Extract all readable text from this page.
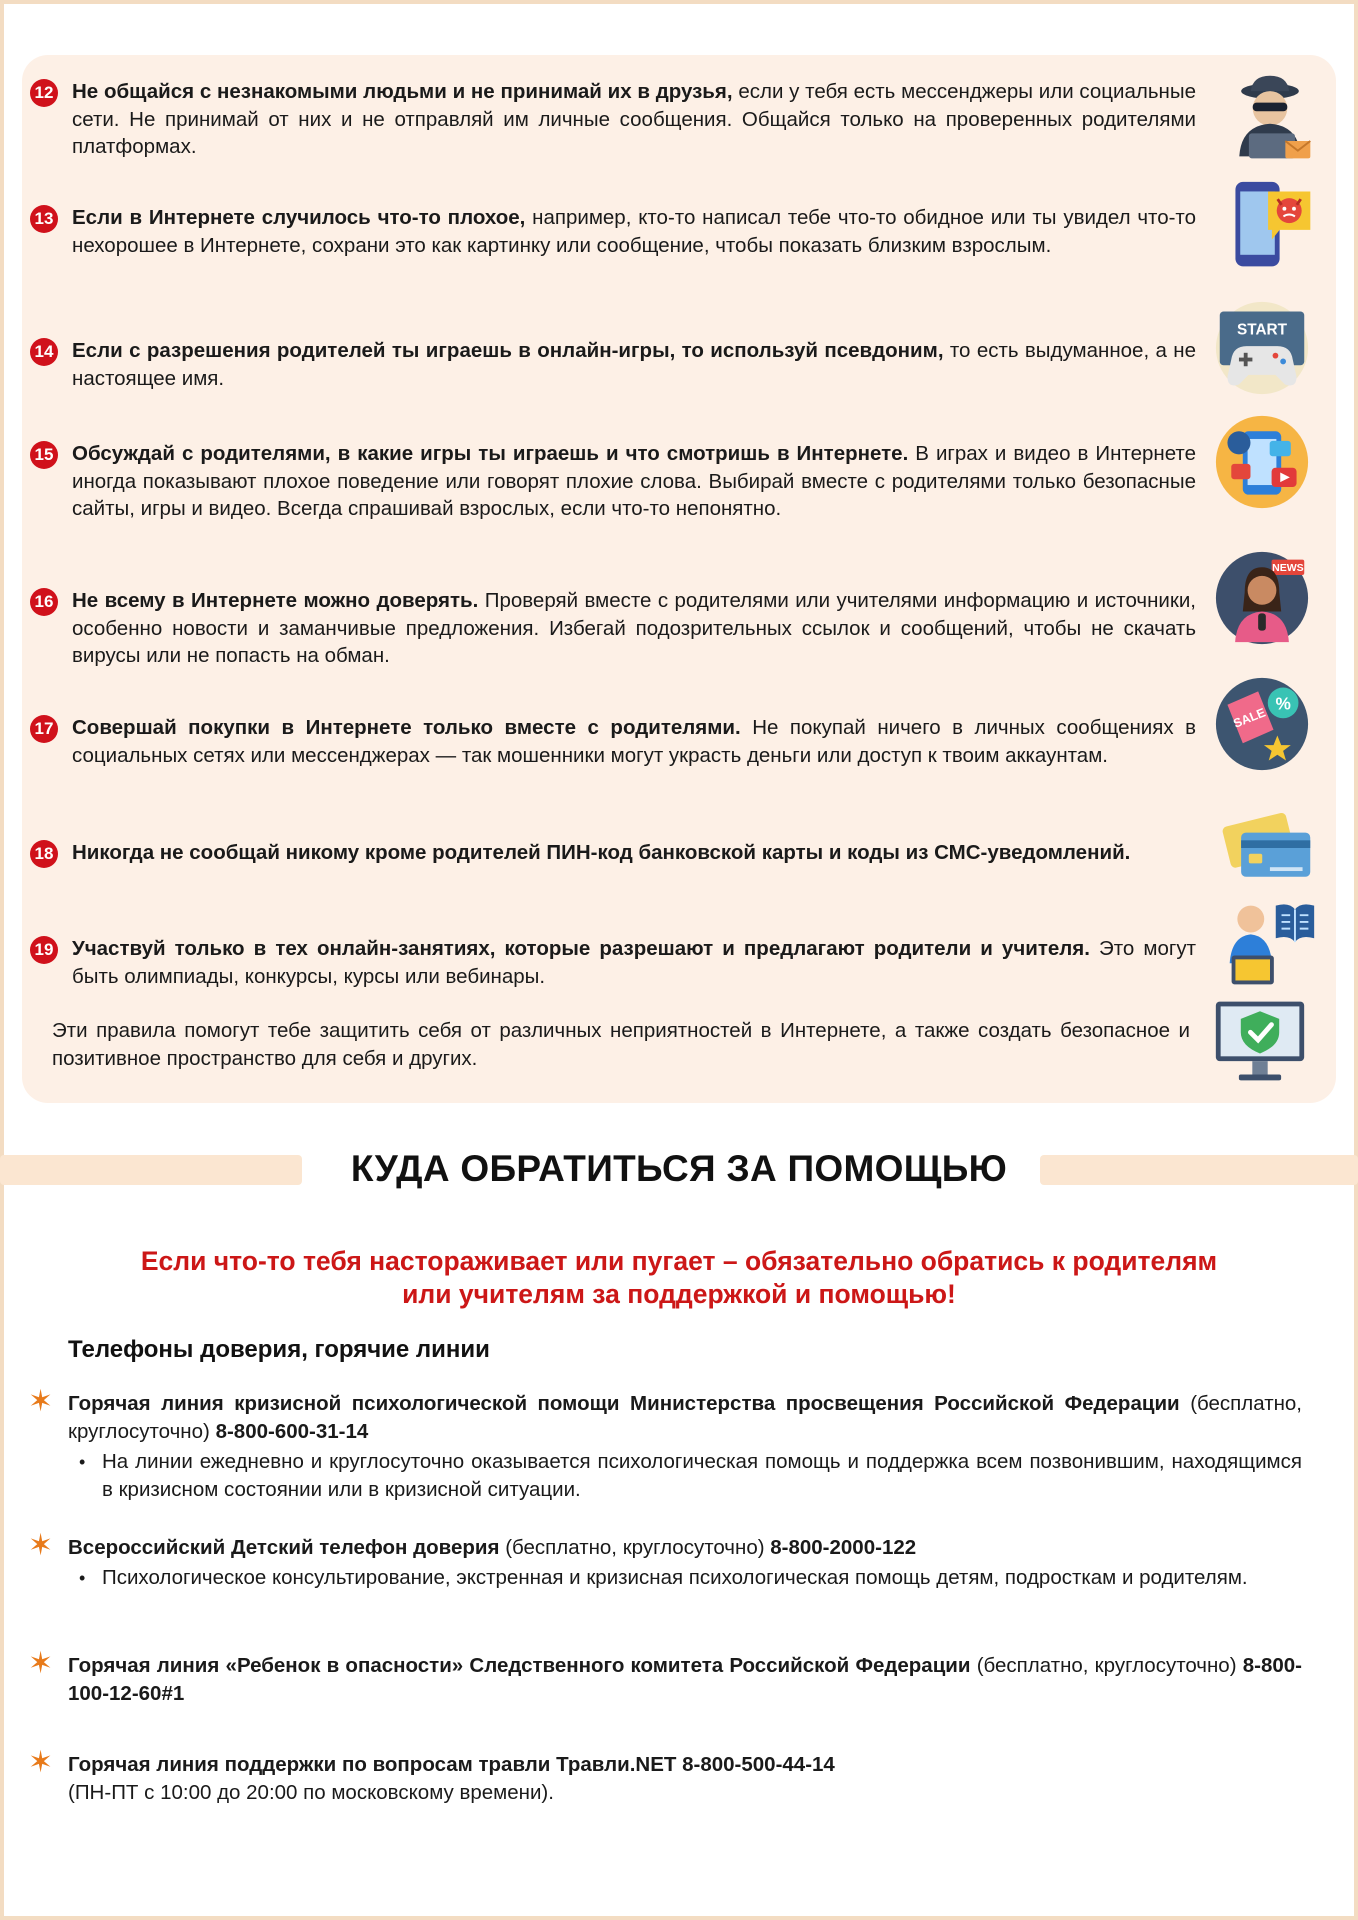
12 Не общайся с незнакомыми людьми и не принимай их в друзья, если у тебя есть мессенджеры или социальные сети. Не принимай от них и не отправляй им личные сообщения. Общайся только на проверенных родителями платформах.
13 Если в Интернете случилось что-то плохое, например, кто-то написал тебе что-то обидное или ты увидел что-то нехорошее в Интернете, сохрани это как картинку или сообщение, чтобы показать близким взрослым.
14 Если с разрешения родителей ты играешь в онлайн-игры, то используй псевдоним, то есть выдуманное, а не настоящее имя.
15 Обсуждай с родителями, в какие игры ты играешь и что смотришь в Интернете. В играх и видео в Интернете иногда показывают плохое поведение или говорят плохие слова. Выбирай вместе с родителями только безопасные сайты, игры и видео. Всегда спрашивай взрослых, если что-то непонятно.
16 Не всему в Интернете можно доверять. Проверяй вместе с родителями или учителями информацию и источники, особенно новости и заманчивые предложения. Избегай подозрительных ссылок и сообщений, чтобы не скачать вирусы или не попасть на обман.
17 Совершай покупки в Интернете только вместе с родителями. Не покупай ничего в личных сообщениях в социальных сетях или мессенджерах — так мошенники могут украсть деньги или доступ к твоим аккаунтам.
18 Никогда не сообщай никому кроме родителей ПИН-код банковской карты и коды из СМС-уведомлений.
19 Участвуй только в тех онлайн-занятиях, которые разрешают и предлагают родители и учителя. Это могут быть олимпиады, конкурсы, курсы или вебинары.
Эти правила помогут тебе защитить себя от различных неприятностей в Интернете, а также создать безопасное и позитивное пространство для себя и других.
START
NEWS
SALE
%
КУДА ОБРАТИТЬСЯ ЗА ПОМОЩЬЮ
Если что-то тебя настораживает или пугает – обязательно обратись к родителям
или учителям за поддержкой и помощью!
Телефоны доверия, горячие линии
✶ Горячая линия кризисной психологической помощи Министерства просвещения Российской Федерации (бесплатно, круглосуточно) 8-800-600-31-14
• На линии ежедневно и круглосуточно оказывается психологическая помощь и поддержка всем позвонившим, находящимся в кризисном состоянии или в кризисной ситуации.
✶ Всероссийский Детский телефон доверия (бесплатно, круглосуточно) 8-800-2000-122
• Психологическое консультирование, экстренная и кризисная психологическая помощь детям, подросткам и родителям.
✶ Горячая линия «Ребенок в опасности» Следственного комитета Российской Федерации (бесплатно, круглосуточно) 8-800-100-12-60#1
✶ Горячая линия поддержки по вопросам травли Травли.NET 8-800-500-44-14
(ПН-ПТ с 10:00 до 20:00 по московскому времени).
